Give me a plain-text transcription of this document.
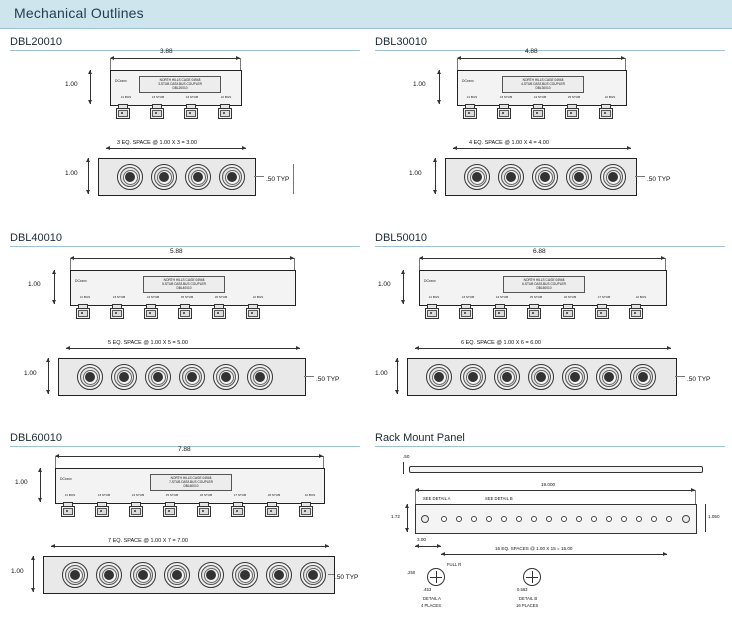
Mechanical Outlines
DBL20010
3.88
DCxxxx	NORTH HILLS CAGE 04948
3-STUB DATA BUS COUPLER
DBL20010
J1 BUS	J3 STUB	J4 STUB	J2 BUS
1.00
3 EQ. SPACE @ 1.00 X 3 = 3.00
1.00
.50 TYP
DBL30010
4.88
DCxxxx	NORTH HILLS CAGE 04948
4-STUB DATA BUS COUPLER
DBL30010
J1 BUS	J3 STUB	J4 STUB	J5 STUB	J2 BUS
1.00
4 EQ. SPACE @ 1.00 X 4 = 4.00
1.00
.50 TYP
DBL40010
5.88
DCxxxx	NORTH HILLS CAGE 04948
5-STUB DATA BUS COUPLER
DBL40010
J1 BUS	J3 STUB	J4 STUB	J5 STUB	J6 STUB	J2 BUS
1.00
5 EQ. SPACE @ 1.00 X 5 = 5.00
1.00
.50 TYP
DBL50010
6.88
DCxxxx	NORTH HILLS CAGE 04948
6-STUB DATA BUS COUPLER
DBL50010
J1 BUS	J3 STUB	J4 STUB	J5 STUB	J6 STUB	J7 STUB	J2 BUS
1.00
6 EQ. SPACE @ 1.00 X 6 = 6.00
1.00
.50 TYP
DBL60010
7.88
DCxxxx	NORTH HILLS CAGE 04948
7-STUB DATA BUS COUPLER
DBL60010
J1 BUS	J3 STUB	J4 STUB	J5 STUB	J6 STUB	J7 STUB	J8 STUB	J2 BUS
1.00
7 EQ. SPACE @ 1.00 X 7 = 7.00
1.00
.50 TYP
Rack Mount Panel
.50
19.000
SEE DETAIL A	SEE DETAIL B
1.72	1.050
3.00
15 EQ. SPACES @ 1.00 X 15 = 15.00
FULL R
.250
.453
DETAIL A
4 PLACES
0.563
DETAIL B
16 PLACES
